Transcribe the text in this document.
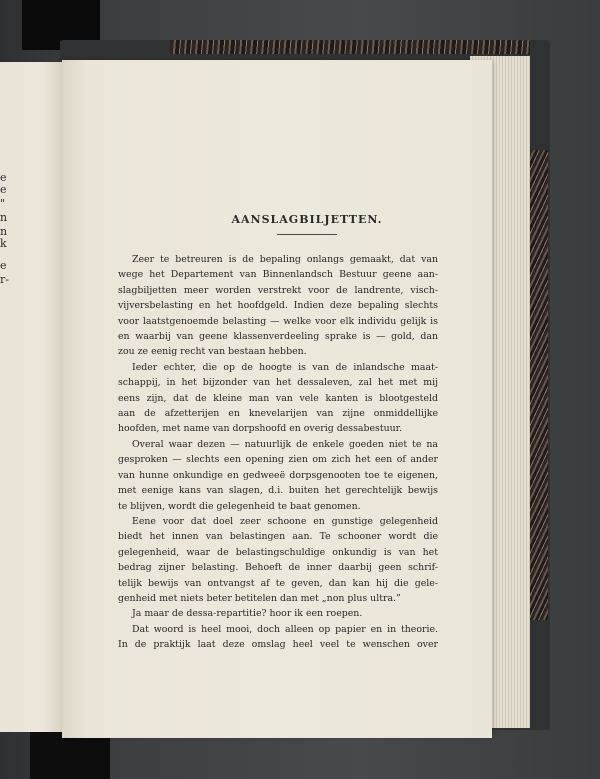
e
e
"
n
n
k
e
r-
AANSLAGBILJETTEN.
Zeer te betreuren is de bepaling onlangs gemaakt, dat van
wege het Departement van Binnenlandsch Bestuur geene aan-
slagbiljetten meer worden verstrekt voor de landrente, visch-
vijversbelasting en het hoofdgeld. Indien deze bepaling slechts
voor laatstgenoemde belasting — welke voor elk individu gelijk is
en waarbij van geene klassenverdeeling sprake is — gold, dan
zou ze eenig recht van bestaan hebben.
Ieder echter, die op de hoogte is van de inlandsche maat-
schappij, in het bijzonder van het dessaleven, zal het met mij
eens zijn, dat de kleine man van vele kanten is blootgesteld
aan de afzetterijen en knevelarijen van zijne onmiddellijke
hoofden, met name van dorpshoofd en overig dessabestuur.
Overal waar dezen — natuurlijk de enkele goeden niet te na
gesproken — slechts een opening zien om zich het een of ander
van hunne onkundige en gedweeë dorpsgenooten toe te eigenen,
met eenige kans van slagen, d.i. buiten het gerechtelijk bewijs
te blijven, wordt die gelegenheid te baat genomen.
Eene voor dat doel zeer schoone en gunstige gelegenheid
biedt het innen van belastingen aan. Te schooner wordt die
gelegenheid, waar de belastingschuldige onkundig is van het
bedrag zijner belasting. Behoeft de inner daarbij geen schrif-
telijk bewijs van ontvangst af te geven, dan kan hij die gele-
genheid met niets beter betitelen dan met „non plus ultra.”
Ja maar de dessa-repartitie? hoor ik een roepen.
Dat woord is heel mooi, doch alleen op papier en in theorie.
In de praktijk laat deze omslag heel veel te wenschen over
